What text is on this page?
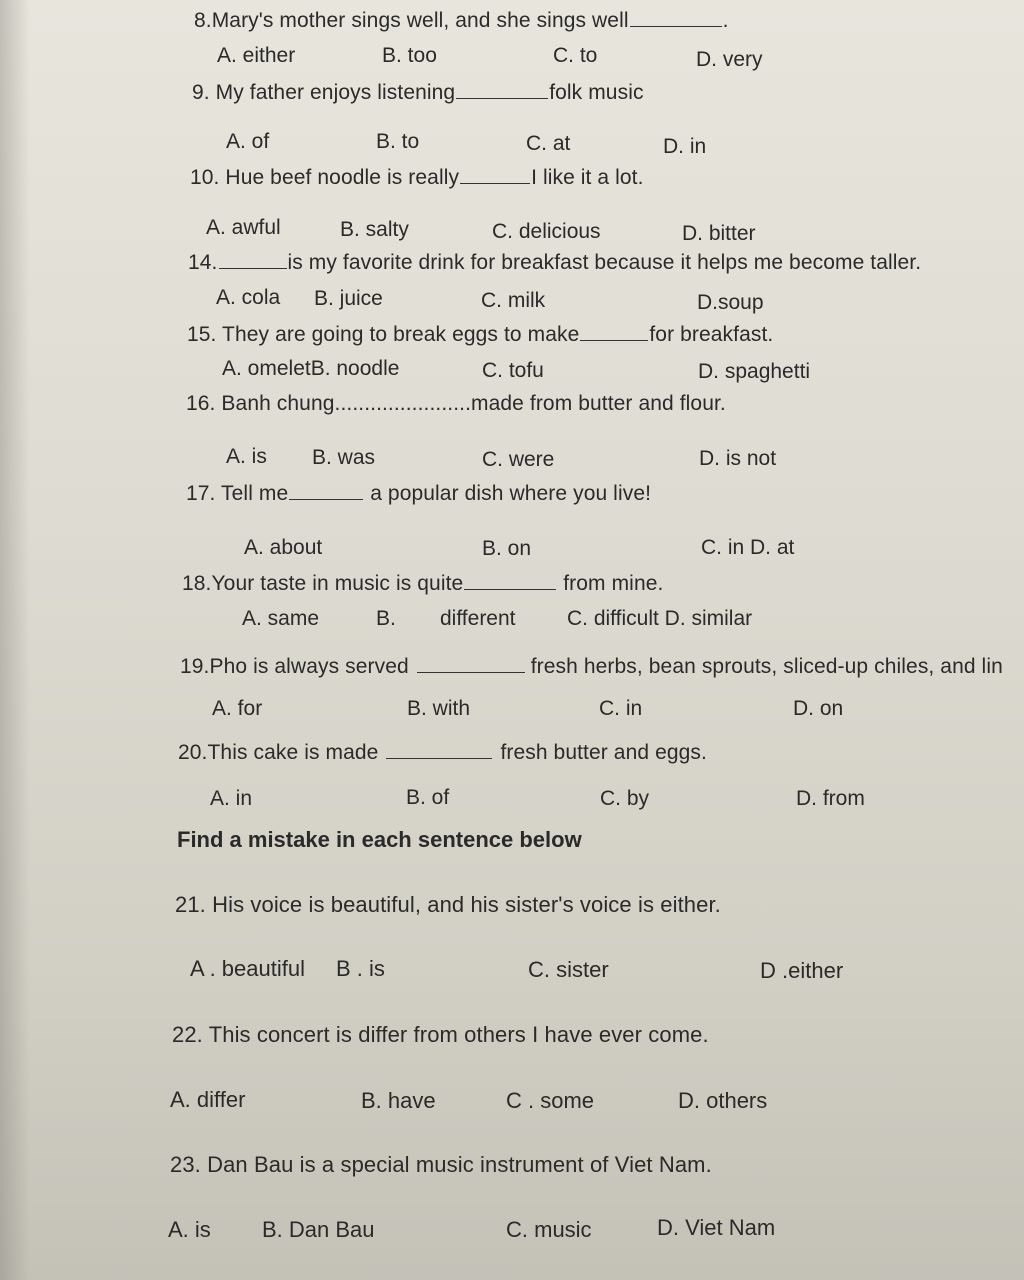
8.Mary's mother sings well, and she sings well	.
A. either	B. too	C. to	D. very
9. My father enjoys listening	folk music
A. of	B. to	C. at	D. in
10. Hue beef noodle is really	I like it a lot.
A. awful	B. salty	C. delicious	D. bitter
14.	is my favorite drink for breakfast because it helps me become taller.
A. cola B. juice	C. milk	D.soup
15. They are going to break eggs to make	for breakfast.
A. omeletB. noodle	C. tofu	D. spaghetti
16. Banh chung.......................made from butter and flour.
A. is B. was	C. were	D. is not
17. Tell me	a popular dish where you live!
A. about	B. on	C. in D. at
18.Your taste in music is quite	from mine.
A. same	B. different C. difficult D. similar
19.Pho is always served	fresh herbs, bean sprouts, sliced-up chiles, and lin
A. for	B. with	C. in	D. on
20.This cake is made	fresh butter and eggs.
A. in	B. of	C. by	D. from
Find a mistake in each sentence below
21. His voice is beautiful, and his sister's voice is either.
A . beautiful B . is	C. sister	D .either
22. This concert is differ from others I have ever come.
A. differ	B. have	C . some	D. others
23. Dan Bau is a special music instrument of Viet Nam.
A. is B. Dan Bau	C. music	D. Viet Nam
